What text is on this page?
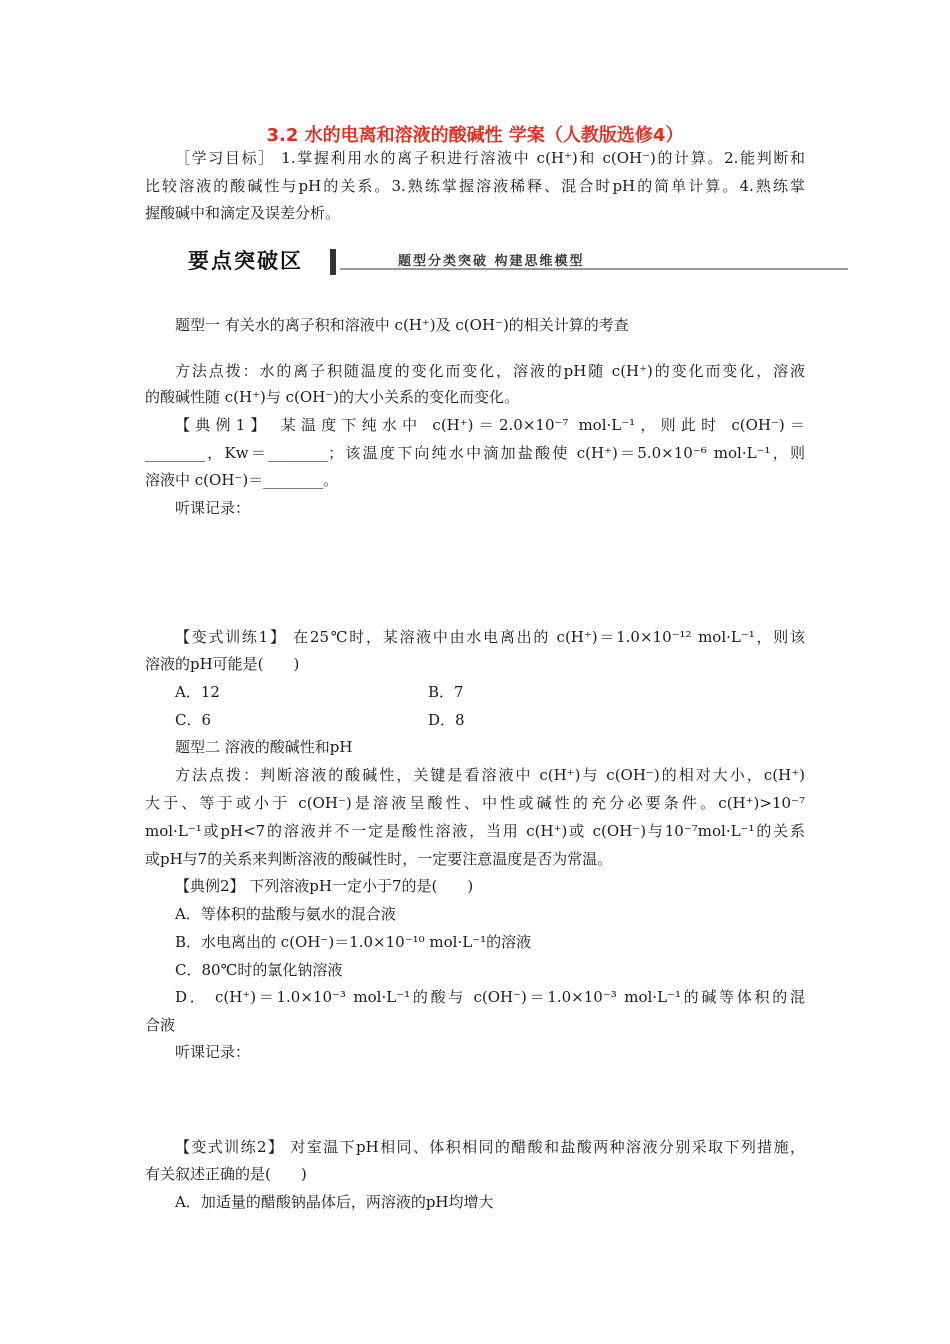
3.2 水的电离和溶液的酸碱性 学案（人教版选修4）
［学习目标］ 1.掌握利用水的离子积进行溶液中 c(H⁺)和 c(OH⁻)的计算。2.能判断和
比较溶液的酸碱性与pH的关系。3.熟练掌握溶液稀释、混合时pH的简单计算。4.熟练掌
握酸碱中和滴定及误差分析。
要点突破区	题型分类突破 构建思维模型
题型一 有关水的离子积和溶液中 c(H⁺)及 c(OH⁻)的相关计算的考查
方法点拨：水的离子积随温度的变化而变化，溶液的pH随 c(H⁺)的变化而变化，溶液
的酸碱性随 c(H⁺)与 c(OH⁻)的大小关系的变化而变化。
【典例1】 某温度下纯水中 c(H⁺)＝2.0×10⁻⁷ mol·L⁻¹，则此时 c(OH⁻)＝
________，Kw＝________；该温度下向纯水中滴加盐酸使 c(H⁺)＝5.0×10⁻⁶ mol·L⁻¹，则
溶液中 c(OH⁻)＝________。
听课记录：
【变式训练1】 在25℃时，某溶液中由水电离出的 c(H⁺)＝1.0×10⁻¹² mol·L⁻¹，则该
溶液的pH可能是(　　)
A．12	B．7
C．6	D．8
题型二 溶液的酸碱性和pH
方法点拨：判断溶液的酸碱性，关键是看溶液中 c(H⁺)与 c(OH⁻)的相对大小，c(H⁺)
大于、等于或小于 c(OH⁻)是溶液呈酸性、中性或碱性的充分必要条件。c(H⁺)>10⁻⁷
mol·L⁻¹或pH<7的溶液并不一定是酸性溶液，当用 c(H⁺)或 c(OH⁻)与10⁻⁷mol·L⁻¹的关系
或pH与7的关系来判断溶液的酸碱性时，一定要注意温度是否为常温。
【典例2】 下列溶液pH一定小于7的是(　　)
A．等体积的盐酸与氨水的混合液
B．水电离出的 c(OH⁻)＝1.0×10⁻¹⁰ mol·L⁻¹的溶液
C．80℃时的氯化钠溶液
D． c(H⁺)＝1.0×10⁻³ mol·L⁻¹的酸与 c(OH⁻)＝1.0×10⁻³ mol·L⁻¹的碱等体积的混
合液
听课记录：
【变式训练2】 对室温下pH相同、体积相同的醋酸和盐酸两种溶液分别采取下列措施，
有关叙述正确的是(　　)
A．加适量的醋酸钠晶体后，两溶液的pH均增大
